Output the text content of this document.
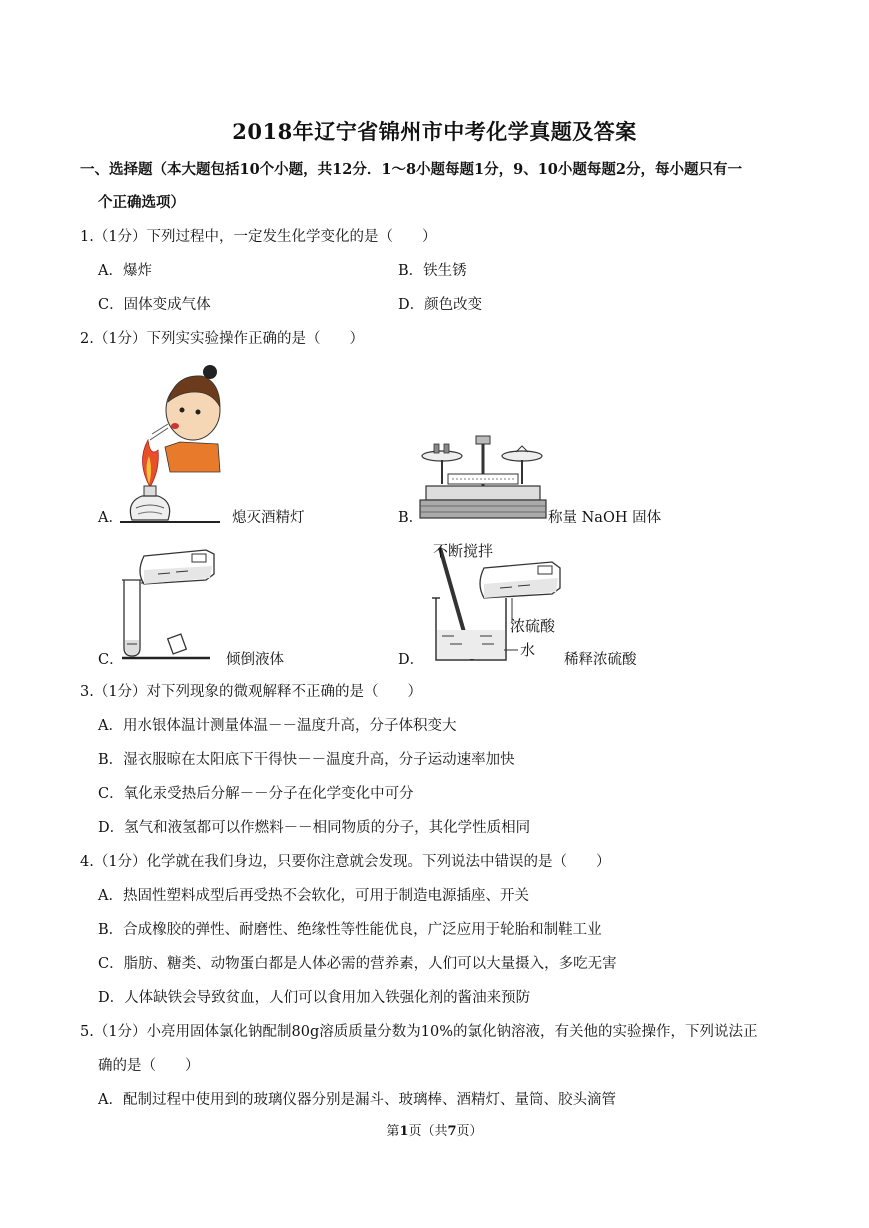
2018年辽宁省锦州市中考化学真题及答案
一、选择题（本大题包括10个小题，共12分．1～8小题每题1分，9、10小题每题2分，每小题只有一
个正确选项）
1.（1分）下列过程中，一定发生化学变化的是（　　）
A．爆炸	B．铁生锈
C．固体变成气体	D．颜色改变
2.（1分）下列实实验操作正确的是（　　）
A．	熄灭酒精灯	B．	称量 NaOH 固体
C．	倾倒液体
不断搅拌
浓硫酸
水
D．	稀释浓硫酸
3.（1分）对下列现象的微观解释不正确的是（　　）
A．用水银体温计测量体温－－温度升高，分子体积变大
B．湿衣服晾在太阳底下干得快－－温度升高，分子运动速率加快
C．氧化汞受热后分解－－分子在化学变化中可分
D．氢气和液氢都可以作燃料－－相同物质的分子，其化学性质相同
4.（1分）化学就在我们身边，只要你注意就会发现。下列说法中错误的是（　　）
A．热固性塑料成型后再受热不会软化，可用于制造电源插座、开关
B．合成橡胶的弹性、耐磨性、绝缘性等性能优良，广泛应用于轮胎和制鞋工业
C．脂肪、糖类、动物蛋白都是人体必需的营养素，人们可以大量摄入，多吃无害
D．人体缺铁会导致贫血，人们可以食用加入铁强化剂的酱油来预防
5.（1分）小亮用固体氯化钠配制80g溶质质量分数为10%的氯化钠溶液，有关他的实验操作，下列说法正
确的是（　　）
A．配制过程中使用到的玻璃仪器分别是漏斗、玻璃棒、酒精灯、量筒、胶头滴管
第1页（共7页）
